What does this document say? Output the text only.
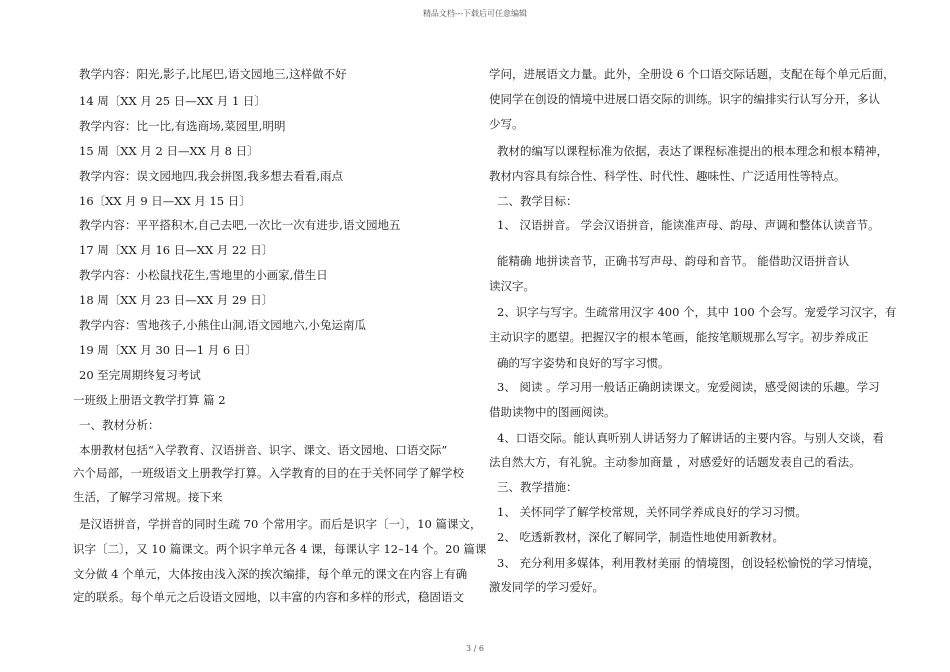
精品文档---下载后可任意编辑
教学内容：阳光,影子,比尾巴,语文园地三,这样做不好
14 周〔XX 月 25 日—XX 月 1 日〕
教学内容：比一比,有选商场,菜园里,明明
15 周〔XX 月 2 日—XX 月 8 日〕
教学内容：误文园地四,我会拼图,我多想去看看,雨点
16〔XX 月 9 日—XX 月 15 日〕
教学内容：平平搭积木,自己去吧,一次比一次有进步,语文园地五
17 周〔XX 月 16 日—XX 月 22 日〕
教学内容：小松鼠找花生,雪地里的小画家,借生日
18 周〔XX 月 23 日—XX 月 29 日〕
教学内容：雪地孩子,小熊住山洞,语文园地六,小兔运南瓜
19 周〔XX 月 30 日—1 月 6 日〕
20 至完周期终复习考试
一班级上册语文教学打算 篇 2
一、教材分析：
本册教材包括“入学教育、汉语拼音、识字、课文、语文园地、口语交际”
六个局部，一班级语文上册教学打算。入学教育的目的在于关怀同学了解学校
生活，了解学习常规。接下来
是汉语拼音，学拼音的同时生疏 70 个常用字。而后是识字〔一〕，10 篇课文，
识字〔二〕，又 10 篇课文。两个识字单元各 4 课，每课认字 12–14 个。20 篇课
文分做 4 个单元，大体按由浅入深的挨次编排，每个单元的课文在内容上有确
定的联系。每个单元之后设语文园地，以丰富的内容和多样的形式，稳固语文
学问，进展语文力量。此外，全册设 6 个口语交际话题，支配在每个单元后面，
使同学在创设的情境中进展口语交际的训练。识字的编排实行认写分开，多认
少写。
教材的编写以课程标准为依据，表达了课程标准提出的根本理念和根本精神，
教材内容具有综合性、科学性、时代性、趣味性、广泛适用性等特点。
二、教学目标：
1、 汉语拼音。 学会汉语拼音，能读准声母、韵母、声调和整体认读音节。
能精确 地拼读音节，正确书写声母、韵母和音节。 能借助汉语拼音认
读汉字。
2、识字与写字。生疏常用汉字 400 个，其中 100 个会写。宠爱学习汉字，有
主动识字的愿望。把握汉字的根本笔画，能按笔顺规那么写字。初步养成正
确的写字姿势和良好的写字习惯。
3、 阅读 。学习用一般话正确朗读课文。宠爱阅读，感受阅读的乐趣。学习
借助读物中的图画阅读。
4、口语交际。能认真听别人讲话努力了解讲话的主要内容。与别人交谈，看
法自然大方，有礼貌。主动参加商量 ，对感爱好的话题发表自己的看法。
三、教学措施：
1、 关怀同学了解学校常规，关怀同学养成良好的学习习惯。
2、 吃透新教材，深化了解同学，制造性地使用新教材。
3、 充分利用多媒体，利用教材美丽 的情境图，创设轻松愉悦的学习情境，
激发同学的学习爱好。
3 / 6
